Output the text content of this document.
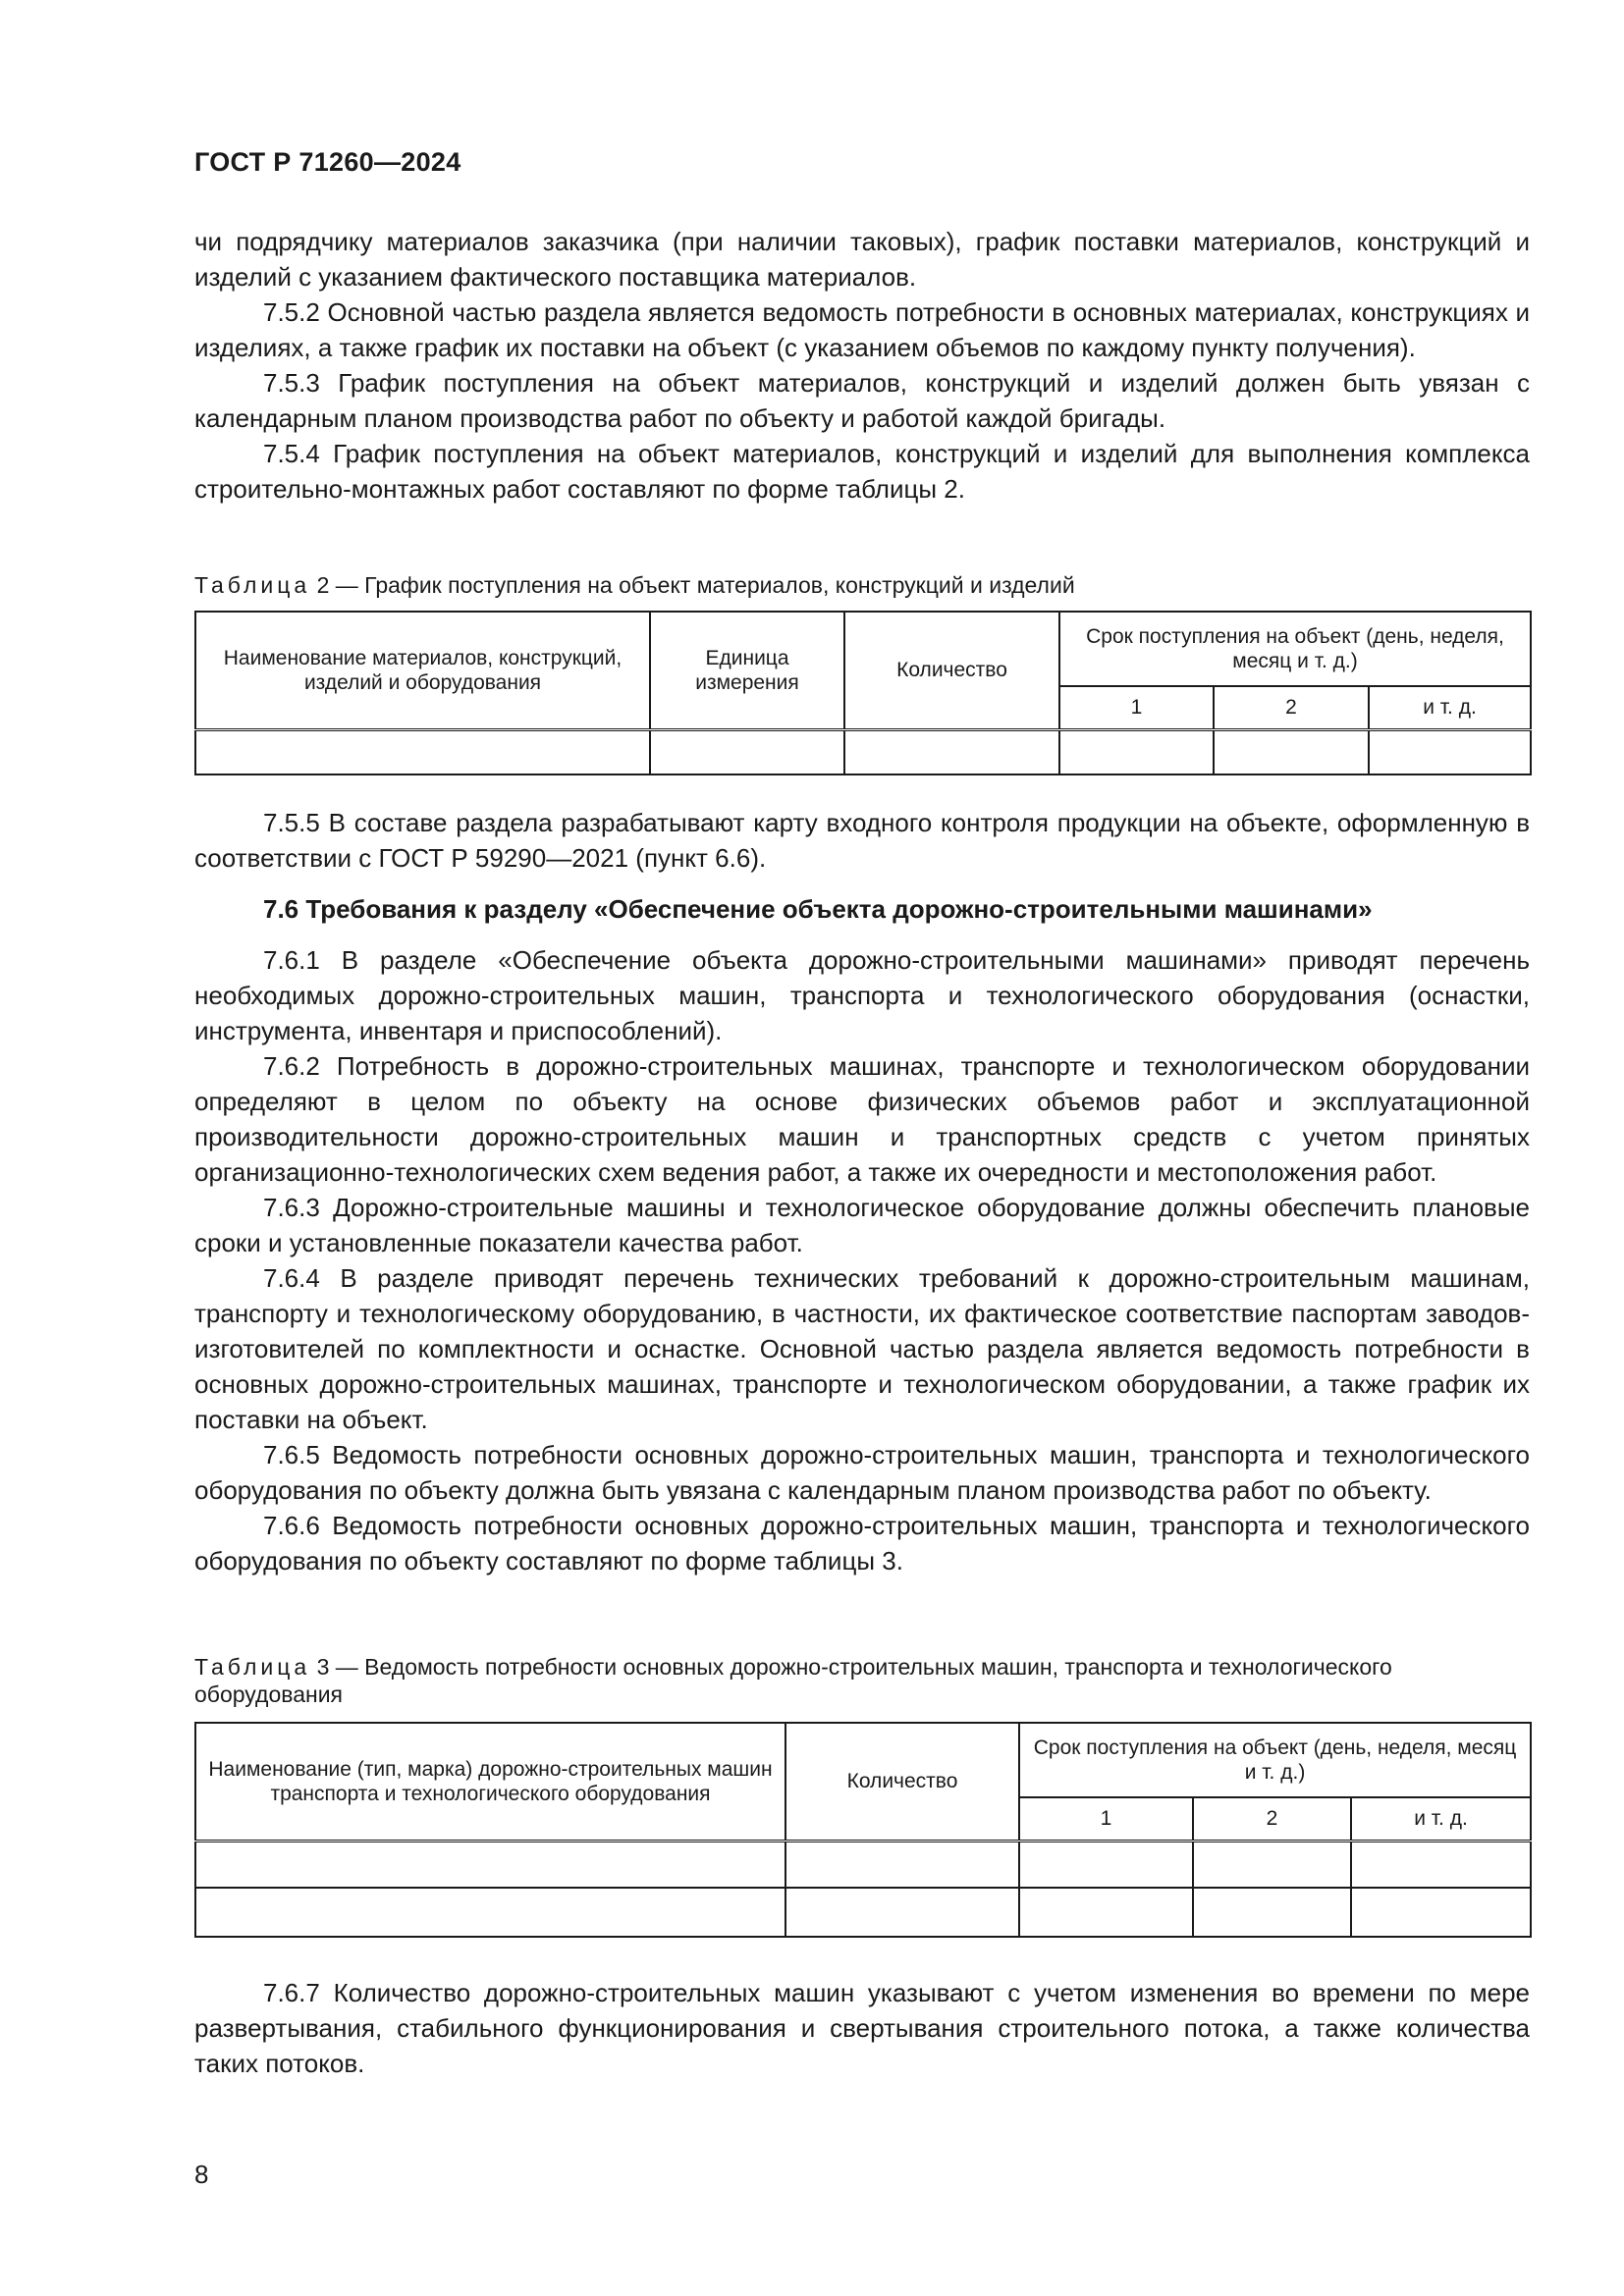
ГОСТ Р 71260—2024

чи подрядчику материалов заказчика (при наличии таковых), график поставки материалов, конструкций и изделий с указанием фактического поставщика материалов.

7.5.2 Основной частью раздела является ведомость потребности в основных материалах, конструкциях и изделиях, а также график их поставки на объект (с указанием объемов по каждому пункту получения).

7.5.3 График поступления на объект материалов, конструкций и изделий должен быть увязан с календарным планом производства работ по объекту и работой каждой бригады.

7.5.4 График поступления на объект материалов, конструкций и изделий для выполнения комплекса строительно-монтажных работ составляют по форме таблицы 2.

Таблица 2 — График поступления на объект материалов, конструкций и изделий
Наименование материалов, конструкций, изделий и оборудования	Единица измерения	Количество	Срок поступления на объект (день, неделя, месяц и т. д.)		
			1	2	и т. д.

7.5.5 В составе раздела разрабатывают карту входного контроля продукции на объекте, оформленную в соответствии с ГОСТ Р 59290—2021 (пункт 6.6).

7.6 Требования к разделу «Обеспечение объекта дорожно-строительными машинами»

7.6.1 В разделе «Обеспечение объекта дорожно-строительными машинами» приводят перечень необходимых дорожно-строительных машин, транспорта и технологического оборудования (оснастки, инструмента, инвентаря и приспособлений).

7.6.2 Потребность в дорожно-строительных машинах, транспорте и технологическом оборудовании определяют в целом по объекту на основе физических объемов работ и эксплуатационной производительности дорожно-строительных машин и транспортных средств с учетом принятых организационно-технологических схем ведения работ, а также их очередности и местоположения работ.

7.6.3 Дорожно-строительные машины и технологическое оборудование должны обеспечить плановые сроки и установленные показатели качества работ.

7.6.4 В разделе приводят перечень технических требований к дорожно-строительным машинам, транспорту и технологическому оборудованию, в частности, их фактическое соответствие паспортам заводов-изготовителей по комплектности и оснастке. Основной частью раздела является ведомость потребности в основных дорожно-строительных машинах, транспорте и технологическом оборудовании, а также график их поставки на объект.

7.6.5 Ведомость потребности основных дорожно-строительных машин, транспорта и технологического оборудования по объекту должна быть увязана с календарным планом производства работ по объекту.

7.6.6 Ведомость потребности основных дорожно-строительных машин, транспорта и технологического оборудования по объекту составляют по форме таблицы 3.

Таблица 3 — Ведомость потребности основных дорожно-строительных машин, транспорта и технологического оборудования
Наименование (тип, марка) дорожно-строительных машин транспорта и технологического оборудования	Количество	Срок поступления на объект (день, неделя, месяц и т. д.)		
		1	2	и т. д.

7.6.7 Количество дорожно-строительных машин указывают с учетом изменения во времени по мере развертывания, стабильного функционирования и свертывания строительного потока, а также количества таких потоков.

8
